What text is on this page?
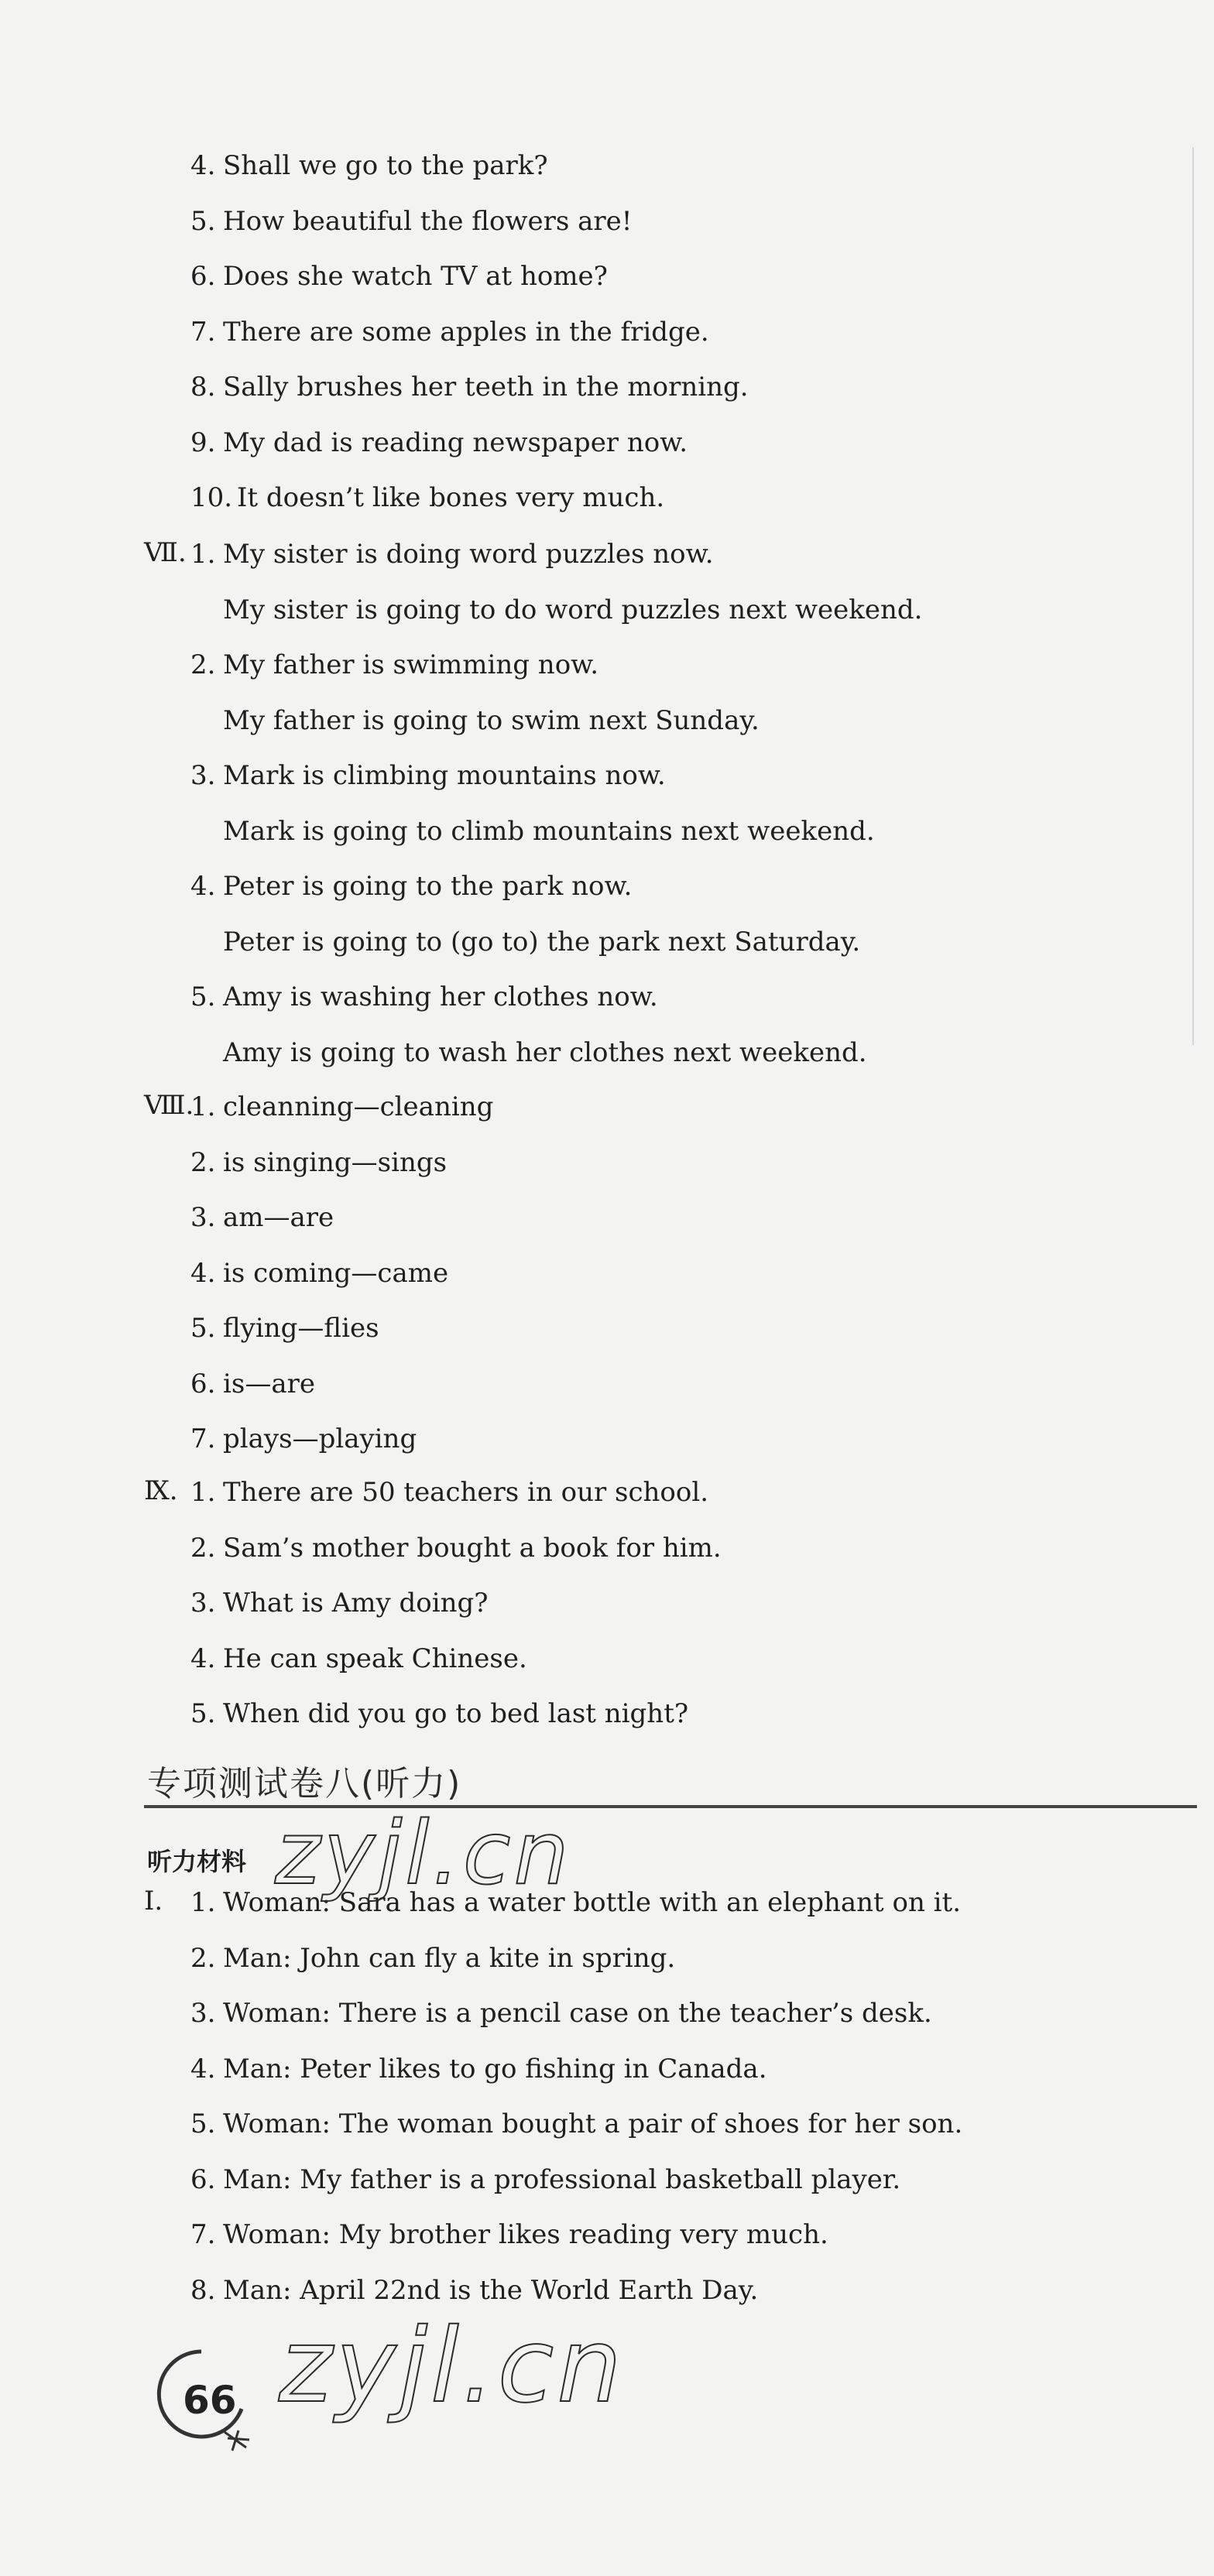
4. Shall we go to the park?
5. How beautiful the flowers are!
6. Does she watch TV at home?
7. There are some apples in the fridge.
8. Sally brushes her teeth in the morning.
9. My dad is reading newspaper now.
10. It doesn’t like bones very much.
Ⅶ. 1. My sister is doing word puzzles now.
My sister is going to do word puzzles next weekend.
2. My father is swimming now.
My father is going to swim next Sunday.
3. Mark is climbing mountains now.
Mark is going to climb mountains next weekend.
4. Peter is going to the park now.
Peter is going to (go to) the park next Saturday.
5. Amy is washing her clothes now.
Amy is going to wash her clothes next weekend.
Ⅷ.
1. cleanning—cleaning
2. is singing—sings
3. am—are
4. is coming—came
5. flying—flies
6. is—are
7. plays—playing
Ⅸ. 1. There are 50 teachers in our school.
2. Sam’s mother bought a book for him.
3. What is Amy doing?
4. He can speak Chinese.
5. When did you go to bed last night?
Ⅰ. 1. Woman: Sara has a water bottle with an elephant on it.
2. Man: John can fly a kite in spring.
3. Woman: There is a pencil case on the teacher’s desk.
4. Man: Peter likes to go fishing in Canada.
5. Woman: The woman bought a pair of shoes for her son.
6. Man: My father is a professional basketball player.
7. Woman: My brother likes reading very much.
8. Man: April 22nd is the World Earth Day.
专项测试卷八(听力)
听力材料 zyjl.cn
zyjl.cn
66
